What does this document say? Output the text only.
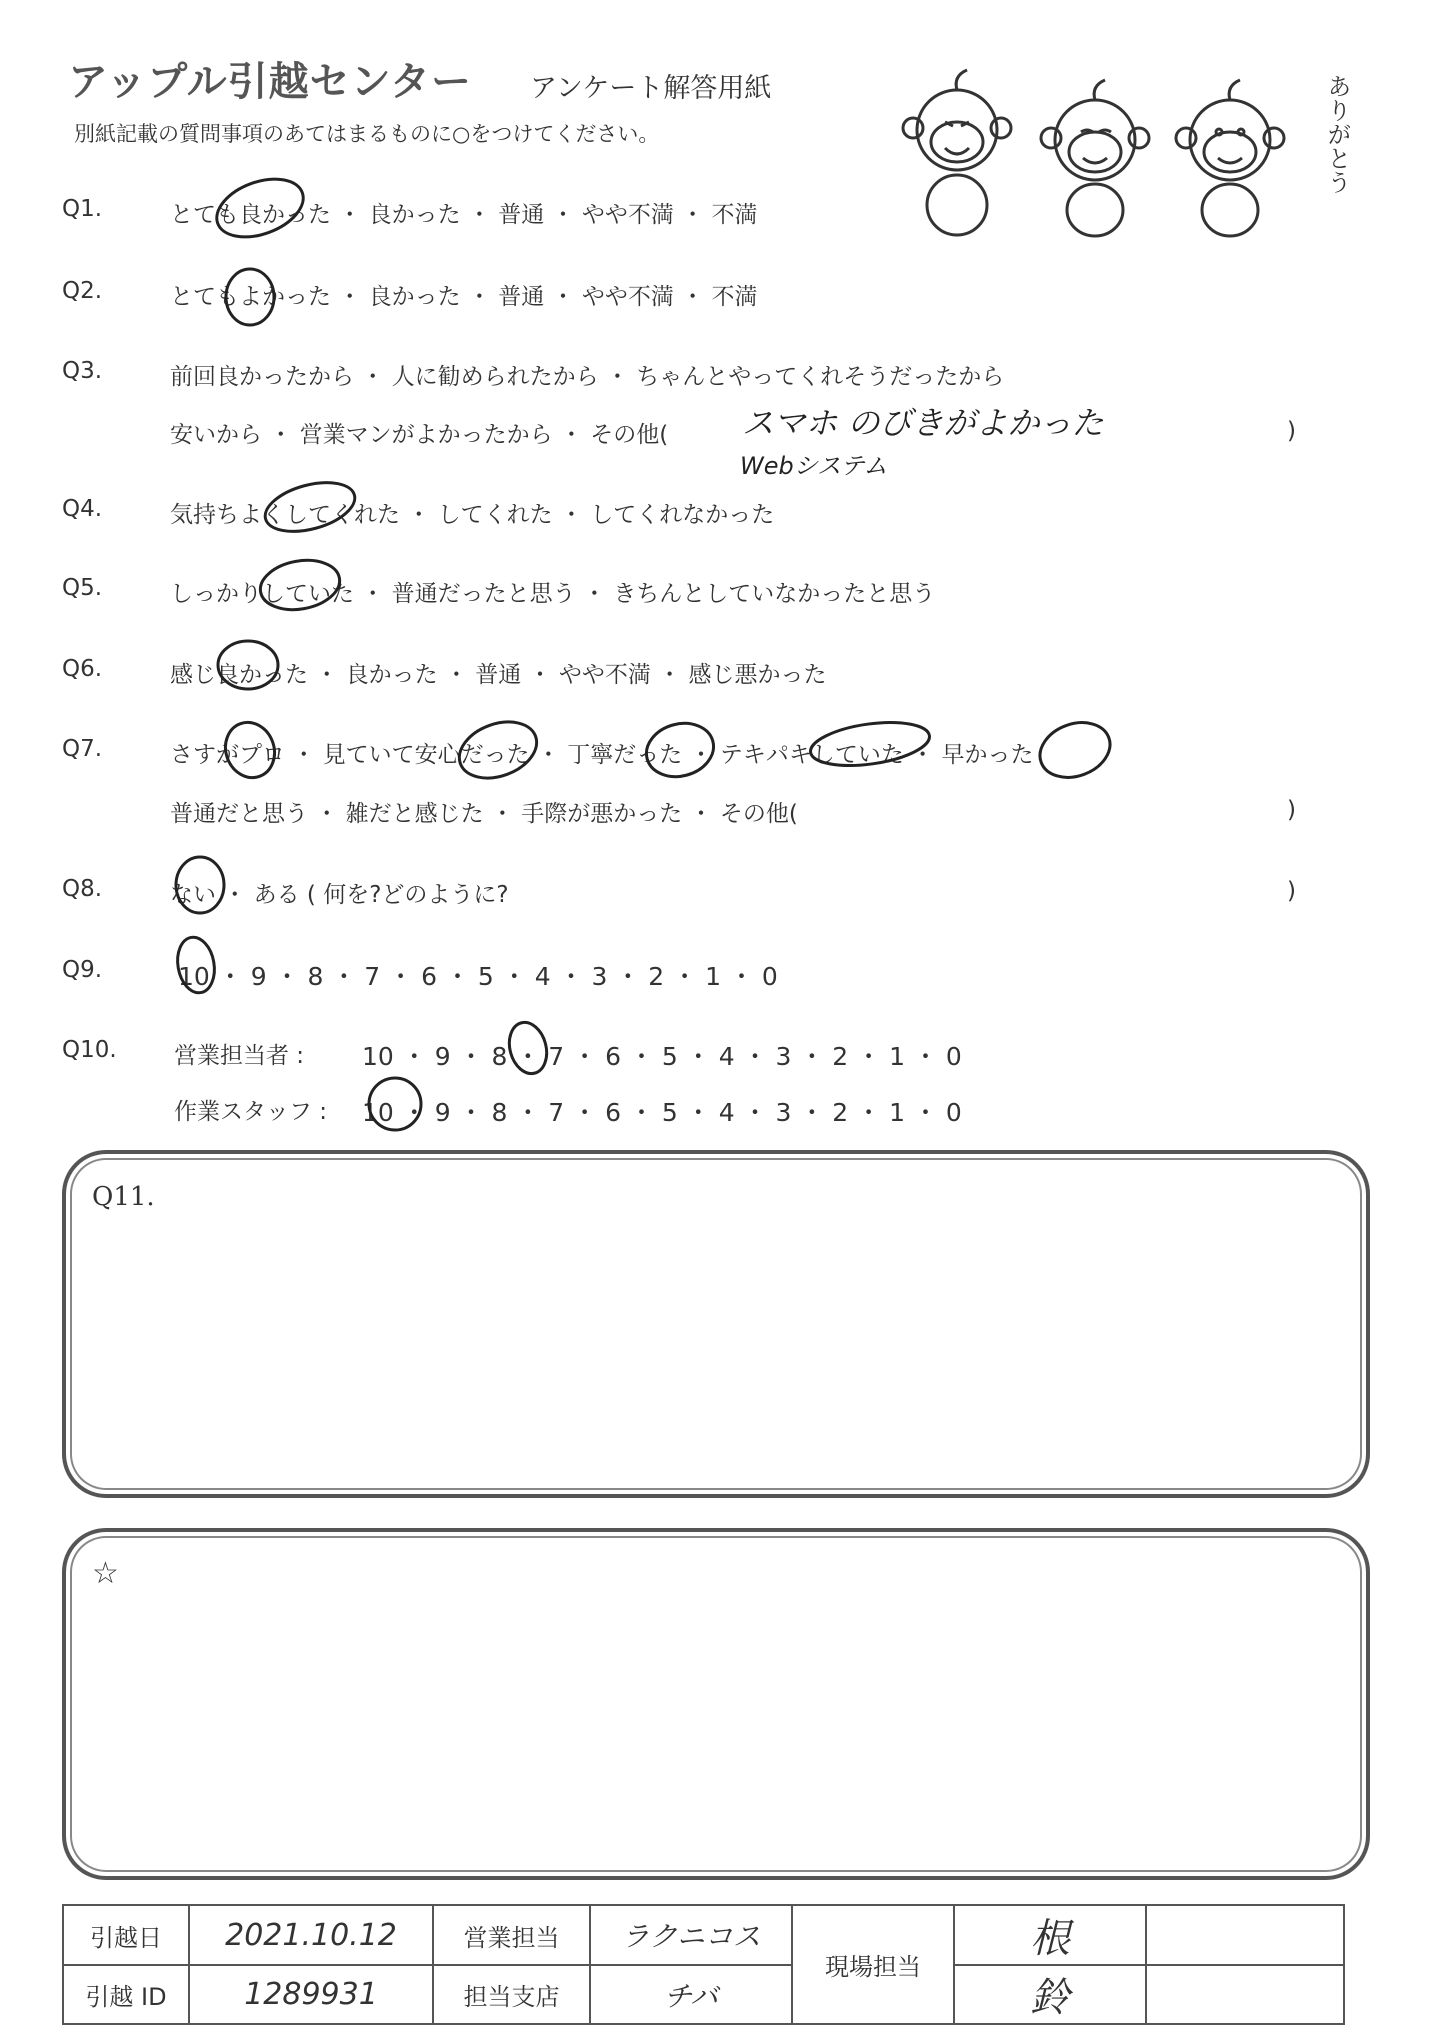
アップル引越センター アンケート解答用紙
別紙記載の質問事項のあてはまるものに○をつけてください。	ありがとう
Q1.	とても良かった ・ 良かった ・ 普通 ・ やや不満 ・ 不満
Q2.	とてもよかった ・ 良かった ・ 普通 ・ やや不満 ・ 不満
Q3.	前回良かったから ・ 人に勧められたから ・ ちゃんとやってくれそうだったから
安いから ・ 営業マンがよかったから ・ その他(	)
スマホ のびきがよかった
Webシステム
Q4.	気持ちよくしてくれた ・ してくれた ・ してくれなかった
Q5.	しっかりしていた ・ 普通だったと思う ・ きちんとしていなかったと思う
Q6.	感じ良かった ・ 良かった ・ 普通 ・ やや不満 ・ 感じ悪かった
Q7.	さすがプロ ・ 見ていて安心だった ・ 丁寧だった ・ テキパキしていた ・ 早かった
普通だと思う ・ 雑だと感じた ・ 手際が悪かった ・ その他(	)
Q8.	ない ・ ある ( 何を?どのように?	)
Q9.	10 ・ 9 ・ 8 ・ 7 ・ 6 ・ 5 ・ 4 ・ 3 ・ 2 ・ 1 ・ 0
Q10. 営業担当者 : 10 ・ 9 ・ 8 ・ 7 ・ 6 ・ 5 ・ 4 ・ 3 ・ 2 ・ 1 ・ 0
作業スタッフ : 10 ・ 9 ・ 8 ・ 7 ・ 6 ・ 5 ・ 4 ・ 3 ・ 2 ・ 1 ・ 0
Q11.
☆
引越日	2021.10.12	営業担当	ラクニコス	現場担当	根	
引越 ID	1289931	担当支店	チバ		鈴	
